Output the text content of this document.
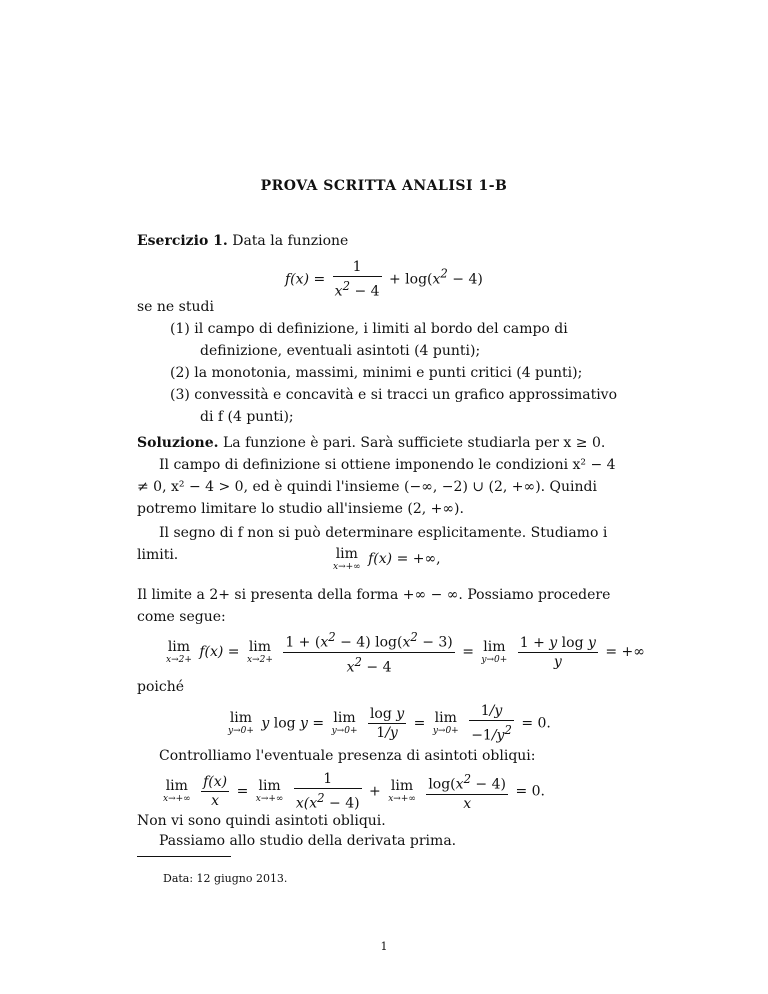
PROVA SCRITTA ANALISI 1-B
Esercizio 1. Data la funzione
$f(x) = \frac{1}{x^2 - 4} + \log(x^2 - 4)$
se ne studi
(1) il campo di definizione, i limiti al bordo del campo di definizione, eventuali asintoti (4 punti);
(2) la monotonia, massimi, minimi e punti critici (4 punti);
(3) convessità e concavità e si tracci un grafico approssimativo di f (4 punti);
Soluzione. La funzione è pari. Sarà sufficiete studiarla per x ≥ 0.
Il campo di definizione si ottiene imponendo le condizioni x² − 4 ≠ 0, x² − 4 > 0, ed è quindi l'insieme (−∞, −2) ∪ (2, +∞). Quindi potremo limitare lo studio all'insieme (2, +∞).
Il segno di f non si può determinare esplicitamente. Studiamo i limiti.	lim
x→+∞ f(x) = +∞,
Il limite a 2+ si presenta della forma +∞ − ∞. Possiamo procedere come segue:
lim
x→2+ f(x) = lim
x→2+
$\frac{1 + (x^2 - 4) \log(x^2 - 3)}{x^2 - 4} = \lim$
y→0+
$\frac{\text{1 + y log y}}{y}$ = +∞
poiché
lim
y→0+ y log y = lim
y→0+
$\frac{\text{log y}}{1/y} = \lim$
y→0+
$\frac{1/y}{-1/y^2} = 0$.
Controlliamo l'eventuale presenza di asintoti obliqui:
lim
x→+∞
$\frac{f(x)}{x} = \lim$
x→+∞
$\frac{1}{x(x^2 - 4)} + \lim$
x→+∞
$\frac{\log(x^2 - 4)}{x} = 0$.
Non vi sono quindi asintoti obliqui.
Passiamo allo studio della derivata prima.
Data: 12 giugno 2013.
1
